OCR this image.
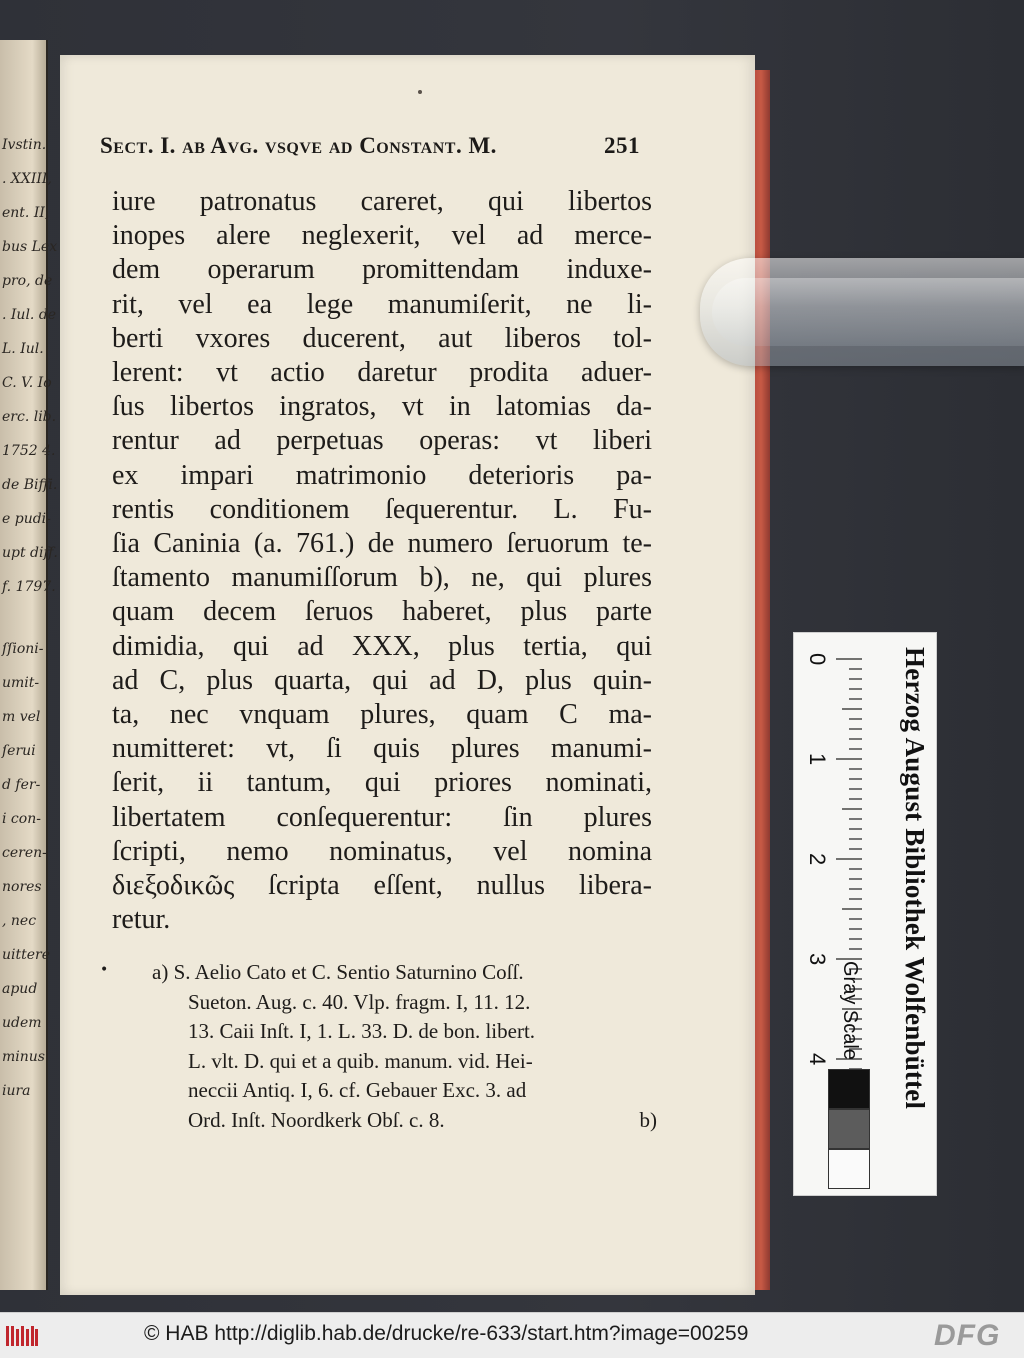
Ivstin.
. XXIII,
ent. II,
bus Lex
pro, de
. Iul. de
L. Iul.
C. V. Io
erc. lib.
1752 4.
de Biffi.
e pudi-
upt diff.
f. 1797.
ſſioni-
umit-
m vel
ſerui
d fer-
i con-
ceren-
nores
, nec
uittere
apud
udem
minus
iura
Sect. I. ab Avg. vsqve ad Constant. M.	251
iure patronatus careret, qui libertos
inopes alere neglexerit, vel ad merce-
dem operarum promittendam induxe-
rit, vel ea lege manumiſerit, ne li-
berti vxores ducerent, aut liberos tol-
lerent: vt actio daretur prodita aduer-
ſus libertos ingratos, vt in latomias da-
rentur ad perpetuas operas: vt liberi
ex impari matrimonio deterioris pa-
rentis conditionem ſequerentur. L. Fu-
ſia Caninia (a. 761.) de numero ſeruorum te-
ſtamento manumiſſorum b), ne, qui plures
quam decem ſeruos haberet, plus parte
dimidia, qui ad XXX, plus tertia, qui
ad C, plus quarta, qui ad D, plus quin-
ta, nec vnquam plures, quam C ma-
numitteret: vt, ſi quis plures manumi-
ſerit, ii tantum, qui priores nominati,
libertatem conſequerentur: ſin plures
ſcripti, nemo nominatus, vel nomina
διεξοδικῶς ſcripta eſſent, nullus libera-
retur.
•	a) S. Aelio Cato et C. Sentio Saturnino Coſſ.
Sueton. Aug. c. 40. Vlp. fragm. I, 11. 12.
13. Caii Inſt. I, 1. L. 33. D. de bon. libert.
L. vlt. D. qui et a quib. manum. vid. Hei-
neccii Antiq. I, 6. cf. Gebauer Exc. 3. ad
Ord. Inſt. Noordkerk Obſ. c. 8.	b)
0
1
2
3
4 Gray Scale	Herzog August Bibliothek Wolfenbüttel
© HAB http://diglib.hab.de/drucke/re-633/start.htm?image=00259	DFG
